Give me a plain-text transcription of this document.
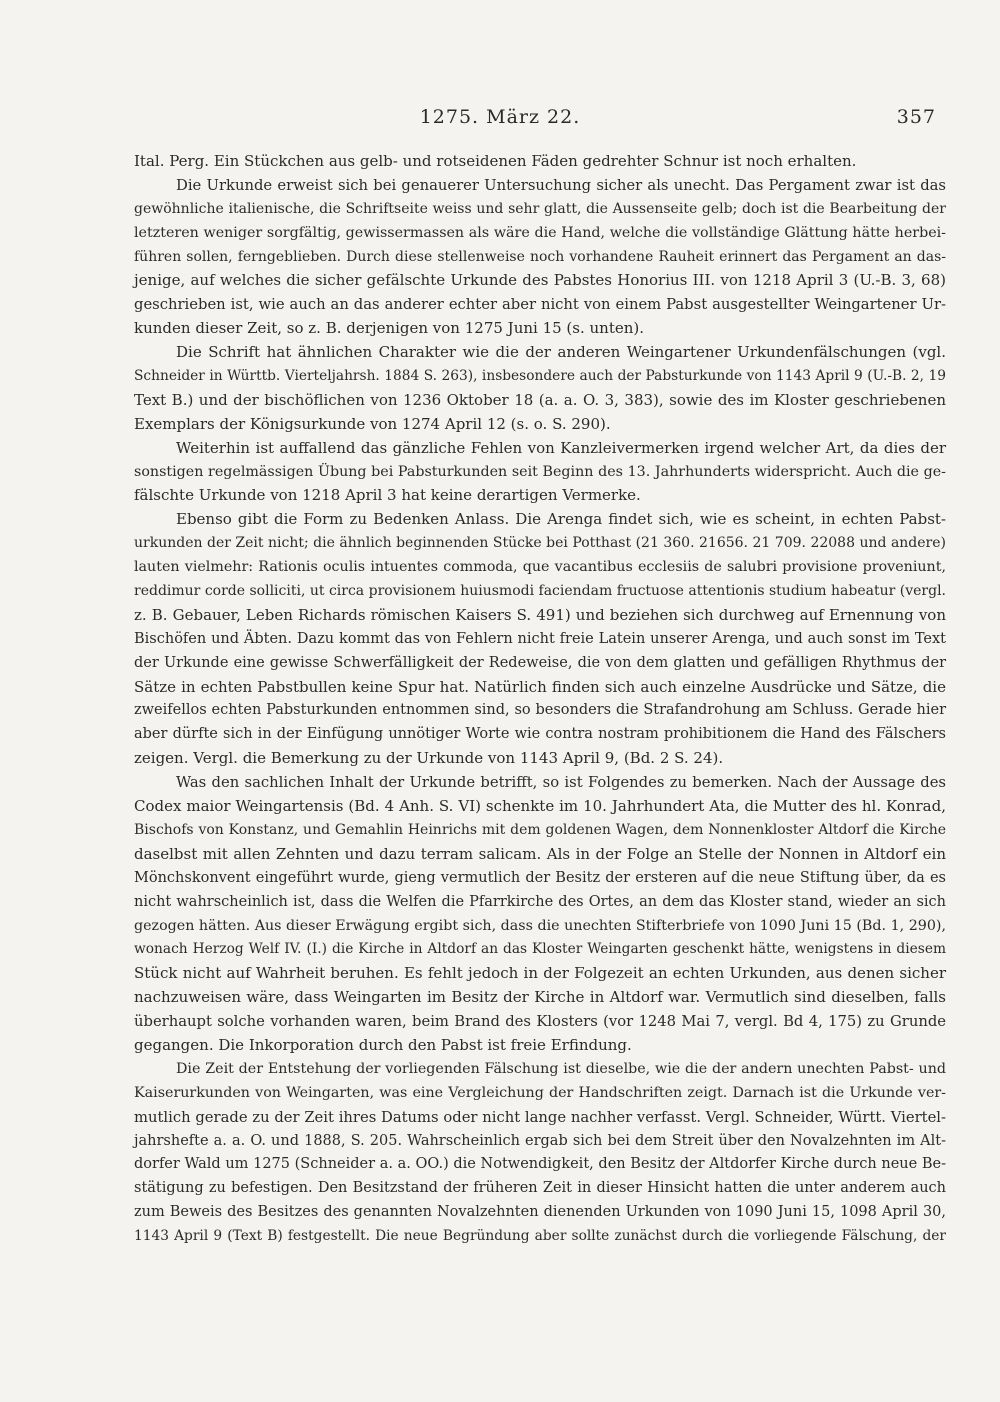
1275. März 22.	357
Ital. Perg. Ein Stückchen aus gelb- und rotseidenen Fäden gedrehter Schnur ist noch erhalten.
Die Urkunde erweist sich bei genauerer Untersuchung sicher als unecht. Das Pergament zwar ist das
gewöhnliche italienische, die Schriftseite weiss und sehr glatt, die Aussenseite gelb; doch ist die Bearbeitung der
letzteren weniger sorgfältig, gewissermassen als wäre die Hand, welche die vollständige Glättung hätte herbei-
führen sollen, ferngeblieben. Durch diese stellenweise noch vorhandene Rauheit erinnert das Pergament an das-
jenige, auf welches die sicher gefälschte Urkunde des Pabstes Honorius III. von 1218 April 3 (U.-B. 3, 68)
geschrieben ist, wie auch an das anderer echter aber nicht von einem Pabst ausgestellter Weingartener Ur-
kunden dieser Zeit, so z. B. derjenigen von 1275 Juni 15 (s. unten).
Die Schrift hat ähnlichen Charakter wie die der anderen Weingartener Urkundenfälschungen (vgl.
Schneider in Württb. Vierteljahrsh. 1884 S. 263), insbesondere auch der Pabsturkunde von 1143 April 9 (U.-B. 2, 19
Text B.) und der bischöflichen von 1236 Oktober 18 (a. a. O. 3, 383), sowie des im Kloster geschriebenen
Exemplars der Königsurkunde von 1274 April 12 (s. o. S. 290).
Weiterhin ist auffallend das gänzliche Fehlen von Kanzleivermerken irgend welcher Art, da dies der
sonstigen regelmässigen Übung bei Pabsturkunden seit Beginn des 13. Jahrhunderts widerspricht. Auch die ge-
fälschte Urkunde von 1218 April 3 hat keine derartigen Vermerke.
Ebenso gibt die Form zu Bedenken Anlass. Die Arenga findet sich, wie es scheint, in echten Pabst-
urkunden der Zeit nicht; die ähnlich beginnenden Stücke bei Potthast (21 360. 21656. 21 709. 22088 und andere)
lauten vielmehr: Rationis oculis intuentes commoda, que vacantibus ecclesiis de salubri provisione proveniunt,
reddimur corde solliciti, ut circa provisionem huiusmodi faciendam fructuose attentionis studium habeatur (vergl.
z. B. Gebauer, Leben Richards römischen Kaisers S. 491) und beziehen sich durchweg auf Ernennung von
Bischöfen und Äbten. Dazu kommt das von Fehlern nicht freie Latein unserer Arenga, und auch sonst im Text
der Urkunde eine gewisse Schwerfälligkeit der Redeweise, die von dem glatten und gefälligen Rhythmus der
Sätze in echten Pabstbullen keine Spur hat. Natürlich finden sich auch einzelne Ausdrücke und Sätze, die
zweifellos echten Pabsturkunden entnommen sind, so besonders die Strafandrohung am Schluss. Gerade hier
aber dürfte sich in der Einfügung unnötiger Worte wie contra nostram prohibitionem die Hand des Fälschers
zeigen. Vergl. die Bemerkung zu der Urkunde von 1143 April 9, (Bd. 2 S. 24).
Was den sachlichen Inhalt der Urkunde betrifft, so ist Folgendes zu bemerken. Nach der Aussage des
Codex maior Weingartensis (Bd. 4 Anh. S. VI) schenkte im 10. Jahrhundert Ata, die Mutter des hl. Konrad,
Bischofs von Konstanz, und Gemahlin Heinrichs mit dem goldenen Wagen, dem Nonnenkloster Altdorf die Kirche
daselbst mit allen Zehnten und dazu terram salicam. Als in der Folge an Stelle der Nonnen in Altdorf ein
Mönchskonvent eingeführt wurde, gieng vermutlich der Besitz der ersteren auf die neue Stiftung über, da es
nicht wahrscheinlich ist, dass die Welfen die Pfarrkirche des Ortes, an dem das Kloster stand, wieder an sich
gezogen hätten. Aus dieser Erwägung ergibt sich, dass die unechten Stifterbriefe von 1090 Juni 15 (Bd. 1, 290),
wonach Herzog Welf IV. (I.) die Kirche in Altdorf an das Kloster Weingarten geschenkt hätte, wenigstens in diesem
Stück nicht auf Wahrheit beruhen. Es fehlt jedoch in der Folgezeit an echten Urkunden, aus denen sicher
nachzuweisen wäre, dass Weingarten im Besitz der Kirche in Altdorf war. Vermutlich sind dieselben, falls
überhaupt solche vorhanden waren, beim Brand des Klosters (vor 1248 Mai 7, vergl. Bd 4, 175) zu Grunde
gegangen. Die Inkorporation durch den Pabst ist freie Erfindung.
Die Zeit der Entstehung der vorliegenden Fälschung ist dieselbe, wie die der andern unechten Pabst- und
Kaiserurkunden von Weingarten, was eine Vergleichung der Handschriften zeigt. Darnach ist die Urkunde ver-
mutlich gerade zu der Zeit ihres Datums oder nicht lange nachher verfasst. Vergl. Schneider, Württ. Viertel-
jahrshefte a. a. O. und 1888, S. 205. Wahrscheinlich ergab sich bei dem Streit über den Novalzehnten im Alt-
dorfer Wald um 1275 (Schneider a. a. OO.) die Notwendigkeit, den Besitz der Altdorfer Kirche durch neue Be-
stätigung zu befestigen. Den Besitzstand der früheren Zeit in dieser Hinsicht hatten die unter anderem auch
zum Beweis des Besitzes des genannten Novalzehnten dienenden Urkunden von 1090 Juni 15, 1098 April 30,
1143 April 9 (Text B) festgestellt. Die neue Begründung aber sollte zunächst durch die vorliegende Fälschung, der
